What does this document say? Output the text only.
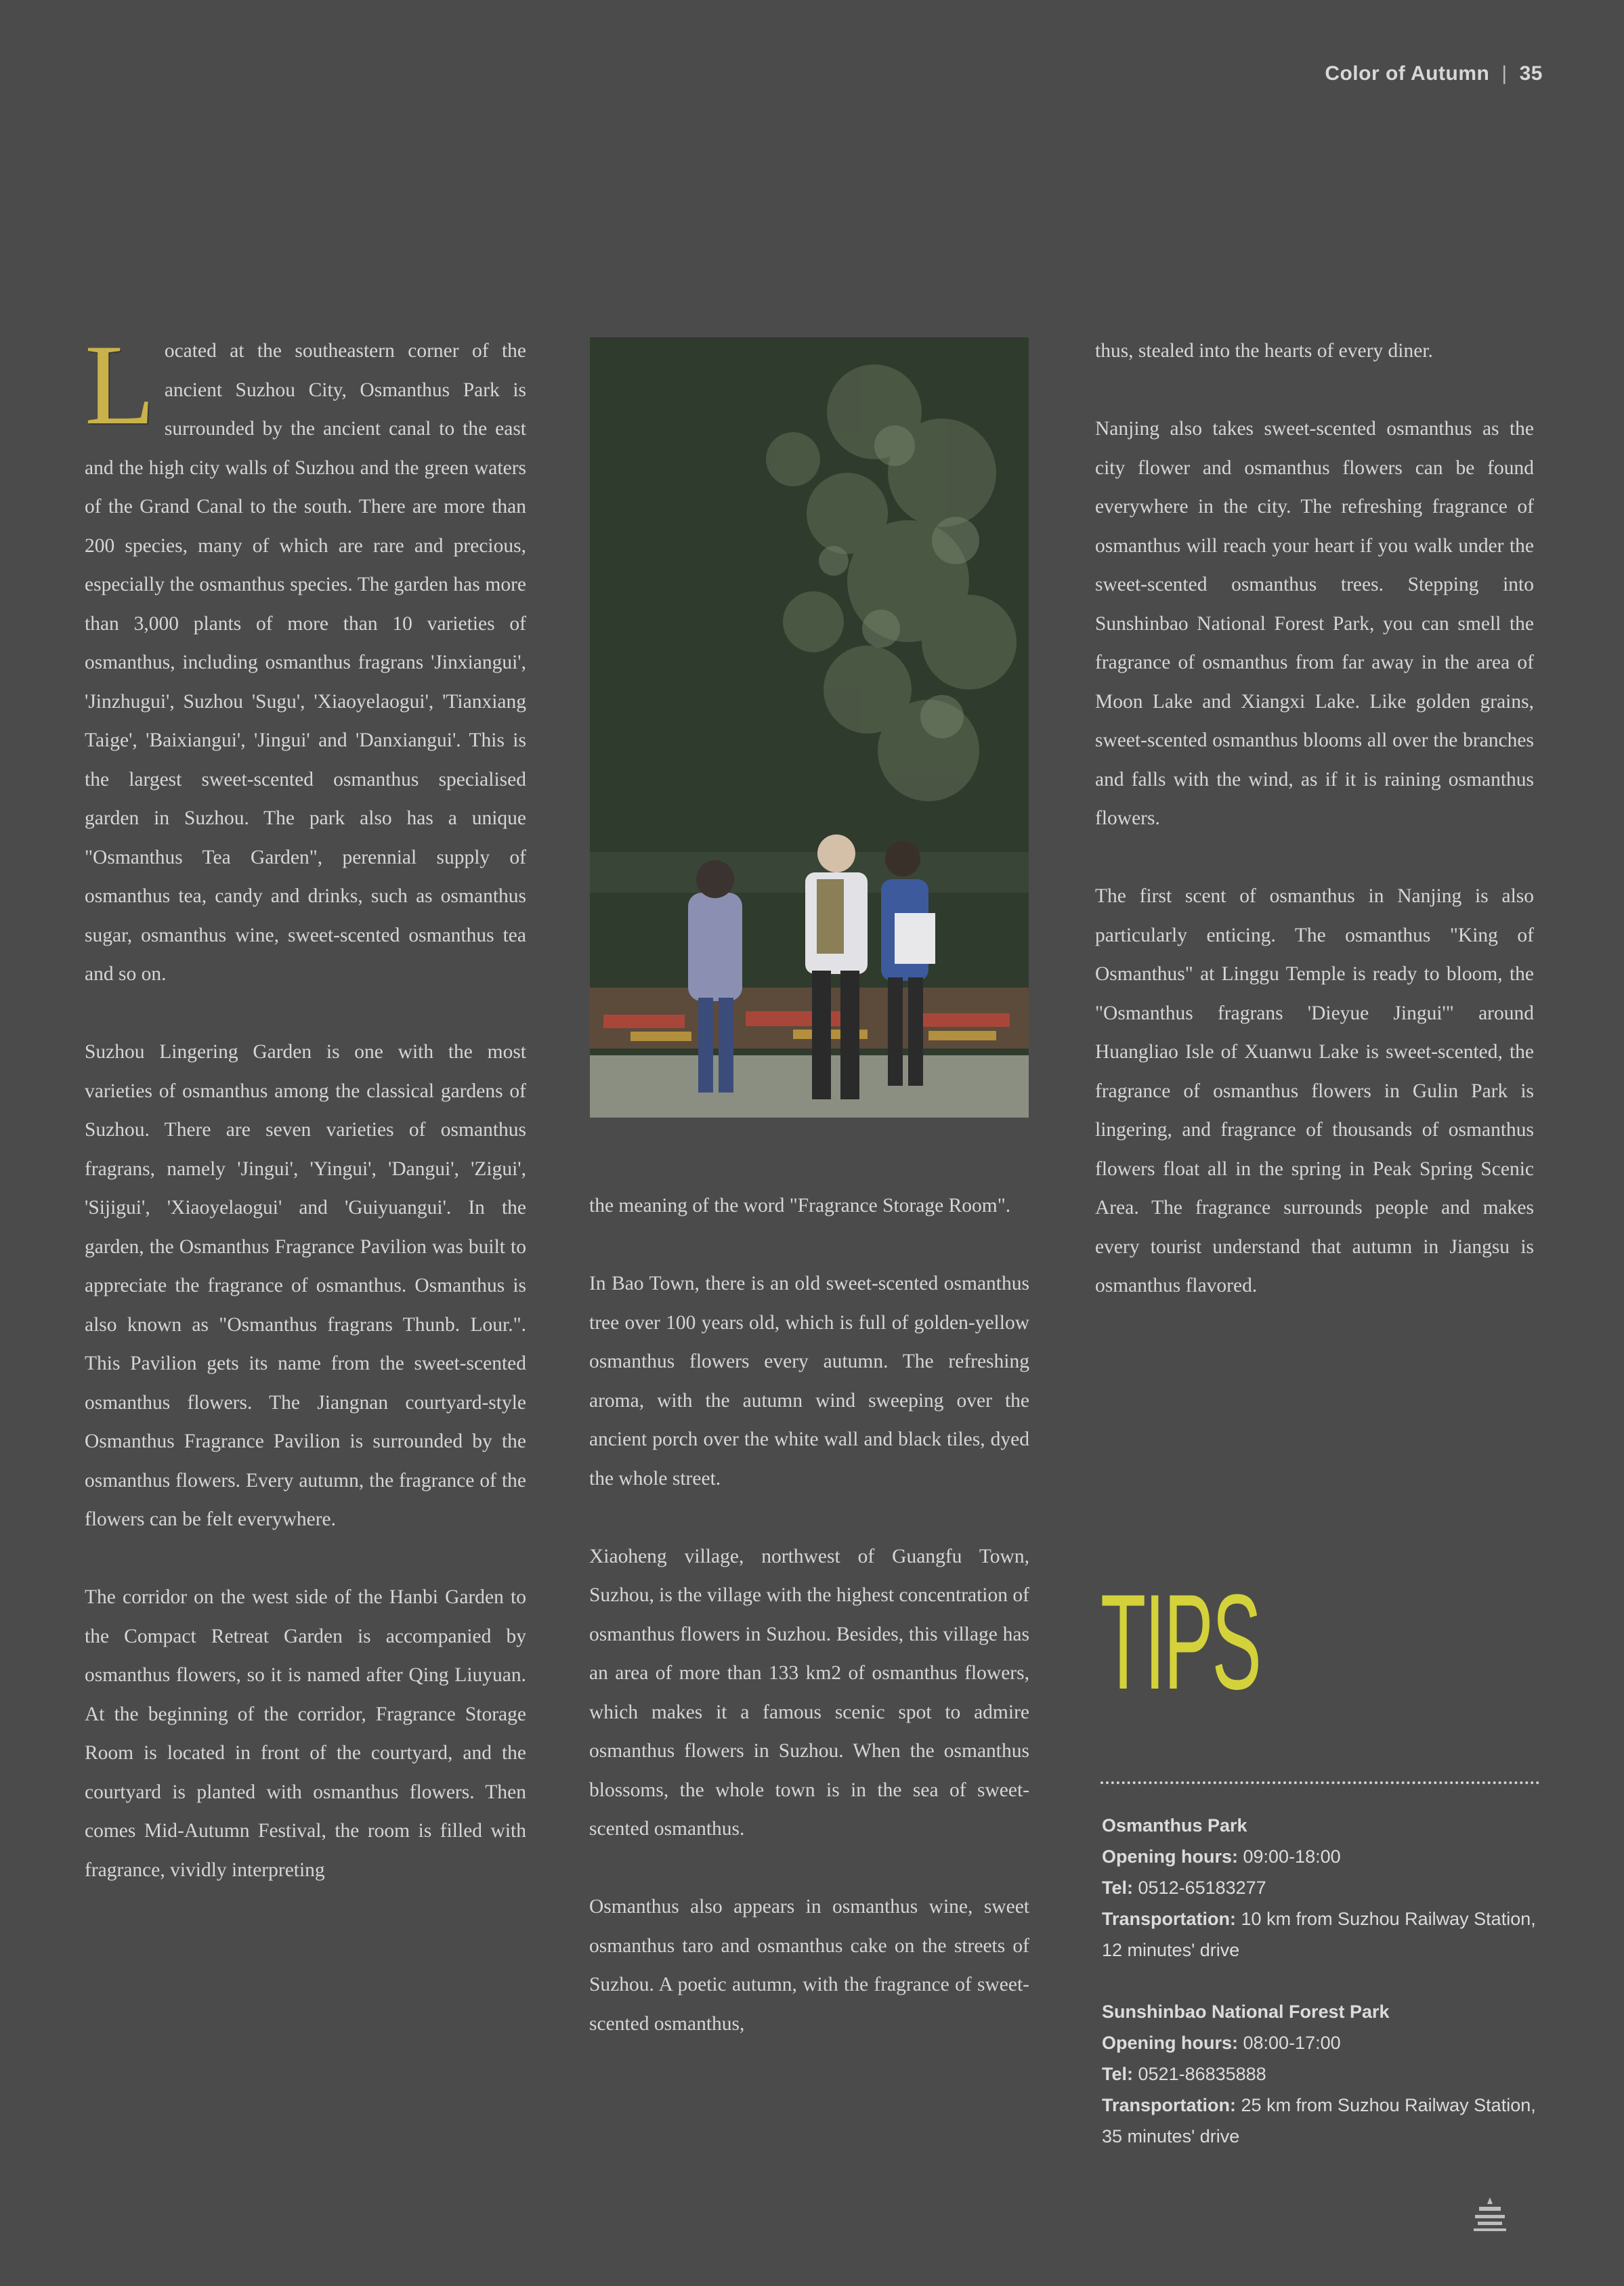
Color of Autumn | 35

Located at the southeastern corner of the ancient Suzhou City, Osmanthus Park is surrounded by the ancient canal to the east and the high city walls of Suzhou and the green waters of the Grand Canal to the south. There are more than 200 species, many of which are rare and precious, especially the osmanthus species. The garden has more than 3,000 plants of more than 10 varieties of osmanthus, including osmanthus fragrans 'Jinxiangui', 'Jinzhugui', Suzhou 'Sugu', 'Xiaoyelaogui', 'Tianxiang Taige', 'Baixiangui', 'Jingui' and 'Danxiangui'. This is the largest sweet-scented osmanthus specialised garden in Suzhou. The park also has a unique "Osmanthus Tea Garden", perennial supply of osmanthus tea, candy and drinks, such as osmanthus sugar, osmanthus wine, sweet-scented osmanthus tea and so on.

Suzhou Lingering Garden is one with the most varieties of osmanthus among the classical gardens of Suzhou. There are seven varieties of osmanthus fragrans, namely 'Jingui', 'Yingui', 'Dangui', 'Zigui', 'Sijigui', 'Xiaoyelaogui' and 'Guiyuangui'. In the garden, the Osmanthus Fragrance Pavilion was built to appreciate the fragrance of osmanthus. Osmanthus is also known as "Osmanthus fragrans Thunb. Lour.". This Pavilion gets its name from the sweet-scented osmanthus flowers. The Jiangnan courtyard-style Osmanthus Fragrance Pavilion is surrounded by the osmanthus flowers. Every autumn, the fragrance of the flowers can be felt everywhere.

The corridor on the west side of the Hanbi Garden to the Compact Retreat Garden is accompanied by osmanthus flowers, so it is named after Qing Liuyuan. At the beginning of the corridor, Fragrance Storage Room is located in front of the courtyard, and the courtyard is planted with osmanthus flowers. Then comes Mid-Autumn Festival, the room is filled with fragrance, vividly interpreting

the meaning of the word "Fragrance Storage Room".

In Bao Town, there is an old sweet-scented osmanthus tree over 100 years old, which is full of golden-yellow osmanthus flowers every autumn. The refreshing aroma, with the autumn wind sweeping over the ancient porch over the white wall and black tiles, dyed the whole street.

Xiaoheng village, northwest of Guangfu Town, Suzhou, is the village with the highest concentration of osmanthus flowers in Suzhou. Besides, this village has an area of more than 133 km2 of osmanthus flowers, which makes it a famous scenic spot to admire osmanthus flowers in Suzhou. When the osmanthus blossoms, the whole town is in the sea of sweet-scented osmanthus.

Osmanthus also appears in osmanthus wine, sweet osmanthus taro and osmanthus cake on the streets of Suzhou. A poetic autumn, with the fragrance of sweet-scented osmanthus,

thus, stealed into the hearts of every diner.

Nanjing also takes sweet-scented osmanthus as the city flower and osmanthus flowers can be found everywhere in the city. The refreshing fragrance of osmanthus will reach your heart if you walk under the sweet-scented osmanthus trees. Stepping into Sunshinbao National Forest Park, you can smell the fragrance of osmanthus from far away in the area of Moon Lake and Xiangxi Lake. Like golden grains, sweet-scented osmanthus blooms all over the branches and falls with the wind, as if it is raining osmanthus flowers.

The first scent of osmanthus in Nanjing is also particularly enticing. The osmanthus "King of Osmanthus" at Linggu Temple is ready to bloom, the "Osmanthus fragrans 'Dieyue Jingui'" around Huangliao Isle of Xuanwu Lake is sweet-scented, the fragrance of osmanthus flowers in Gulin Park is lingering, and fragrance of thousands of osmanthus flowers float all in the spring in Peak Spring Scenic Area. The fragrance surrounds people and makes every tourist understand that autumn in Jiangsu is osmanthus flavored.

TIPS
Osmanthus Park
Opening hours: 09:00-18:00
Tel: 0512-65183277
Transportation: 10 km from Suzhou Railway Station, 12 minutes' drive
Sunshinbao National Forest Park
Opening hours: 08:00-17:00
Tel: 0521-86835888
Transportation: 25 km from Suzhou Railway Station, 35 minutes' drive
